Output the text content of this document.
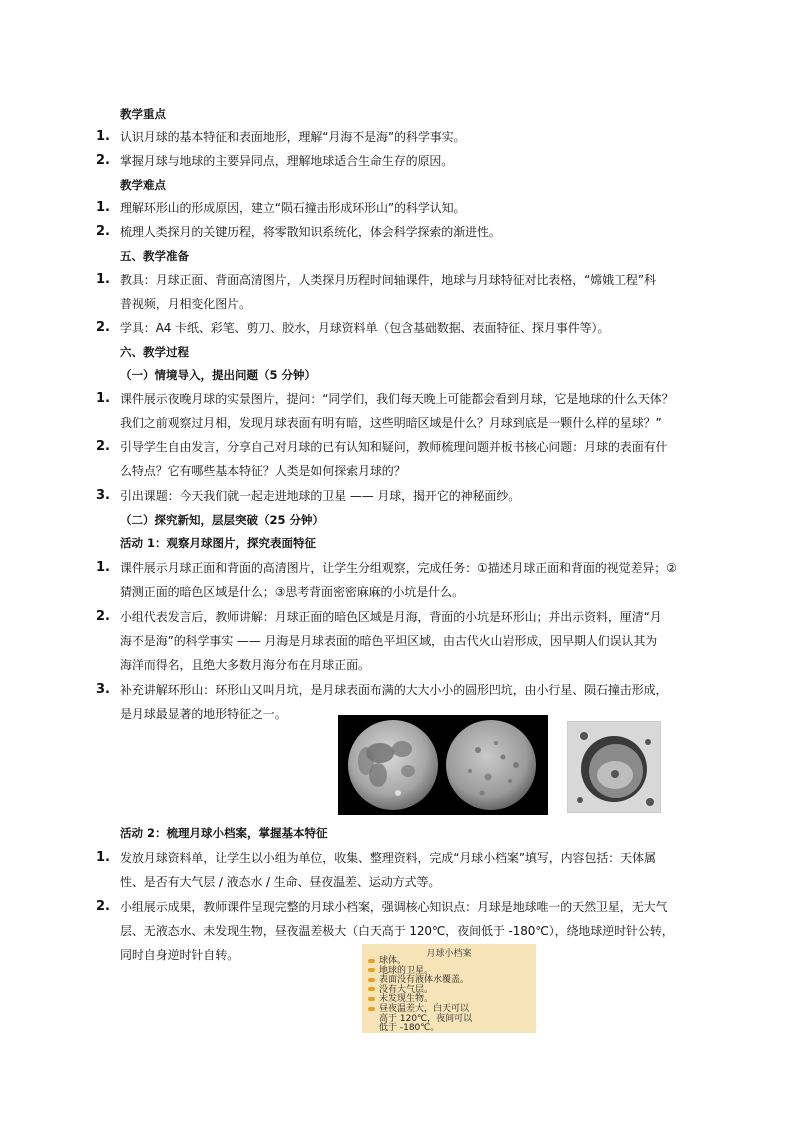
教学重点
1. 认识月球的基本特征和表面地形，理解“月海不是海”的科学事实。
2. 掌握月球与地球的主要异同点，理解地球适合生命生存的原因。
教学难点
1. 理解环形山的形成原因，建立“陨石撞击形成环形山”的科学认知。
2. 梳理人类探月的关键历程，将零散知识系统化，体会科学探索的渐进性。
五、教学准备
1. 教具：月球正面、背面高清图片，人类探月历程时间轴课件，地球与月球特征对比表格，“嫦娥工程”科
普视频，月相变化图片。
2. 学具：A4 卡纸、彩笔、剪刀、胶水，月球资料单（包含基础数据、表面特征、探月事件等）。
六、教学过程
（一）情境导入，提出问题（5 分钟）
1. 课件展示夜晚月球的实景图片，提问：“同学们，我们每天晚上可能都会看到月球，它是地球的什么天体？
我们之前观察过月相，发现月球表面有明有暗，这些明暗区域是什么？月球到底是一颗什么样的星球？”
2. 引导学生自由发言，分享自己对月球的已有认知和疑问，教师梳理问题并板书核心问题：月球的表面有什
么特点？它有哪些基本特征？人类是如何探索月球的？
3. 引出课题：今天我们就一起走进地球的卫星 —— 月球，揭开它的神秘面纱。
（二）探究新知，层层突破（25 分钟）
活动 1：观察月球图片，探究表面特征
1. 课件展示月球正面和背面的高清图片，让学生分组观察，完成任务：①描述月球正面和背面的视觉差异；②
猜测正面的暗色区域是什么；③思考背面密密麻麻的小坑是什么。
2. 小组代表发言后，教师讲解：月球正面的暗色区域是月海，背面的小坑是环形山；并出示资料，厘清“月
海不是海”的科学事实 —— 月海是月球表面的暗色平坦区域，由古代火山岩形成，因早期人们误认其为
海洋而得名，且绝大多数月海分布在月球正面。
3. 补充讲解环形山：环形山又叫月坑，是月球表面布满的大大小小的圆形凹坑，由小行星、陨石撞击形成，
是月球最显著的地形特征之一。
活动 2：梳理月球小档案，掌握基本特征
1. 发放月球资料单，让学生以小组为单位，收集、整理资料，完成“月球小档案”填写，内容包括：天体属
性、是否有大气层 / 液态水 / 生命、昼夜温差、运动方式等。
2. 小组展示成果，教师课件呈现完整的月球小档案，强调核心知识点：月球是地球唯一的天然卫星，无大气
层、无液态水、未发现生物，昼夜温差极大（白天高于 120℃，夜间低于 -180℃），绕地球逆时针公转，
同时自身逆时针自转。	月球小档案
球体。
地球的卫星。
表面没有液体水覆盖。
没有大气层。
未发现生物。
昼夜温差大，白天可以
高于 120℃，夜间可以
低于 -180℃。
